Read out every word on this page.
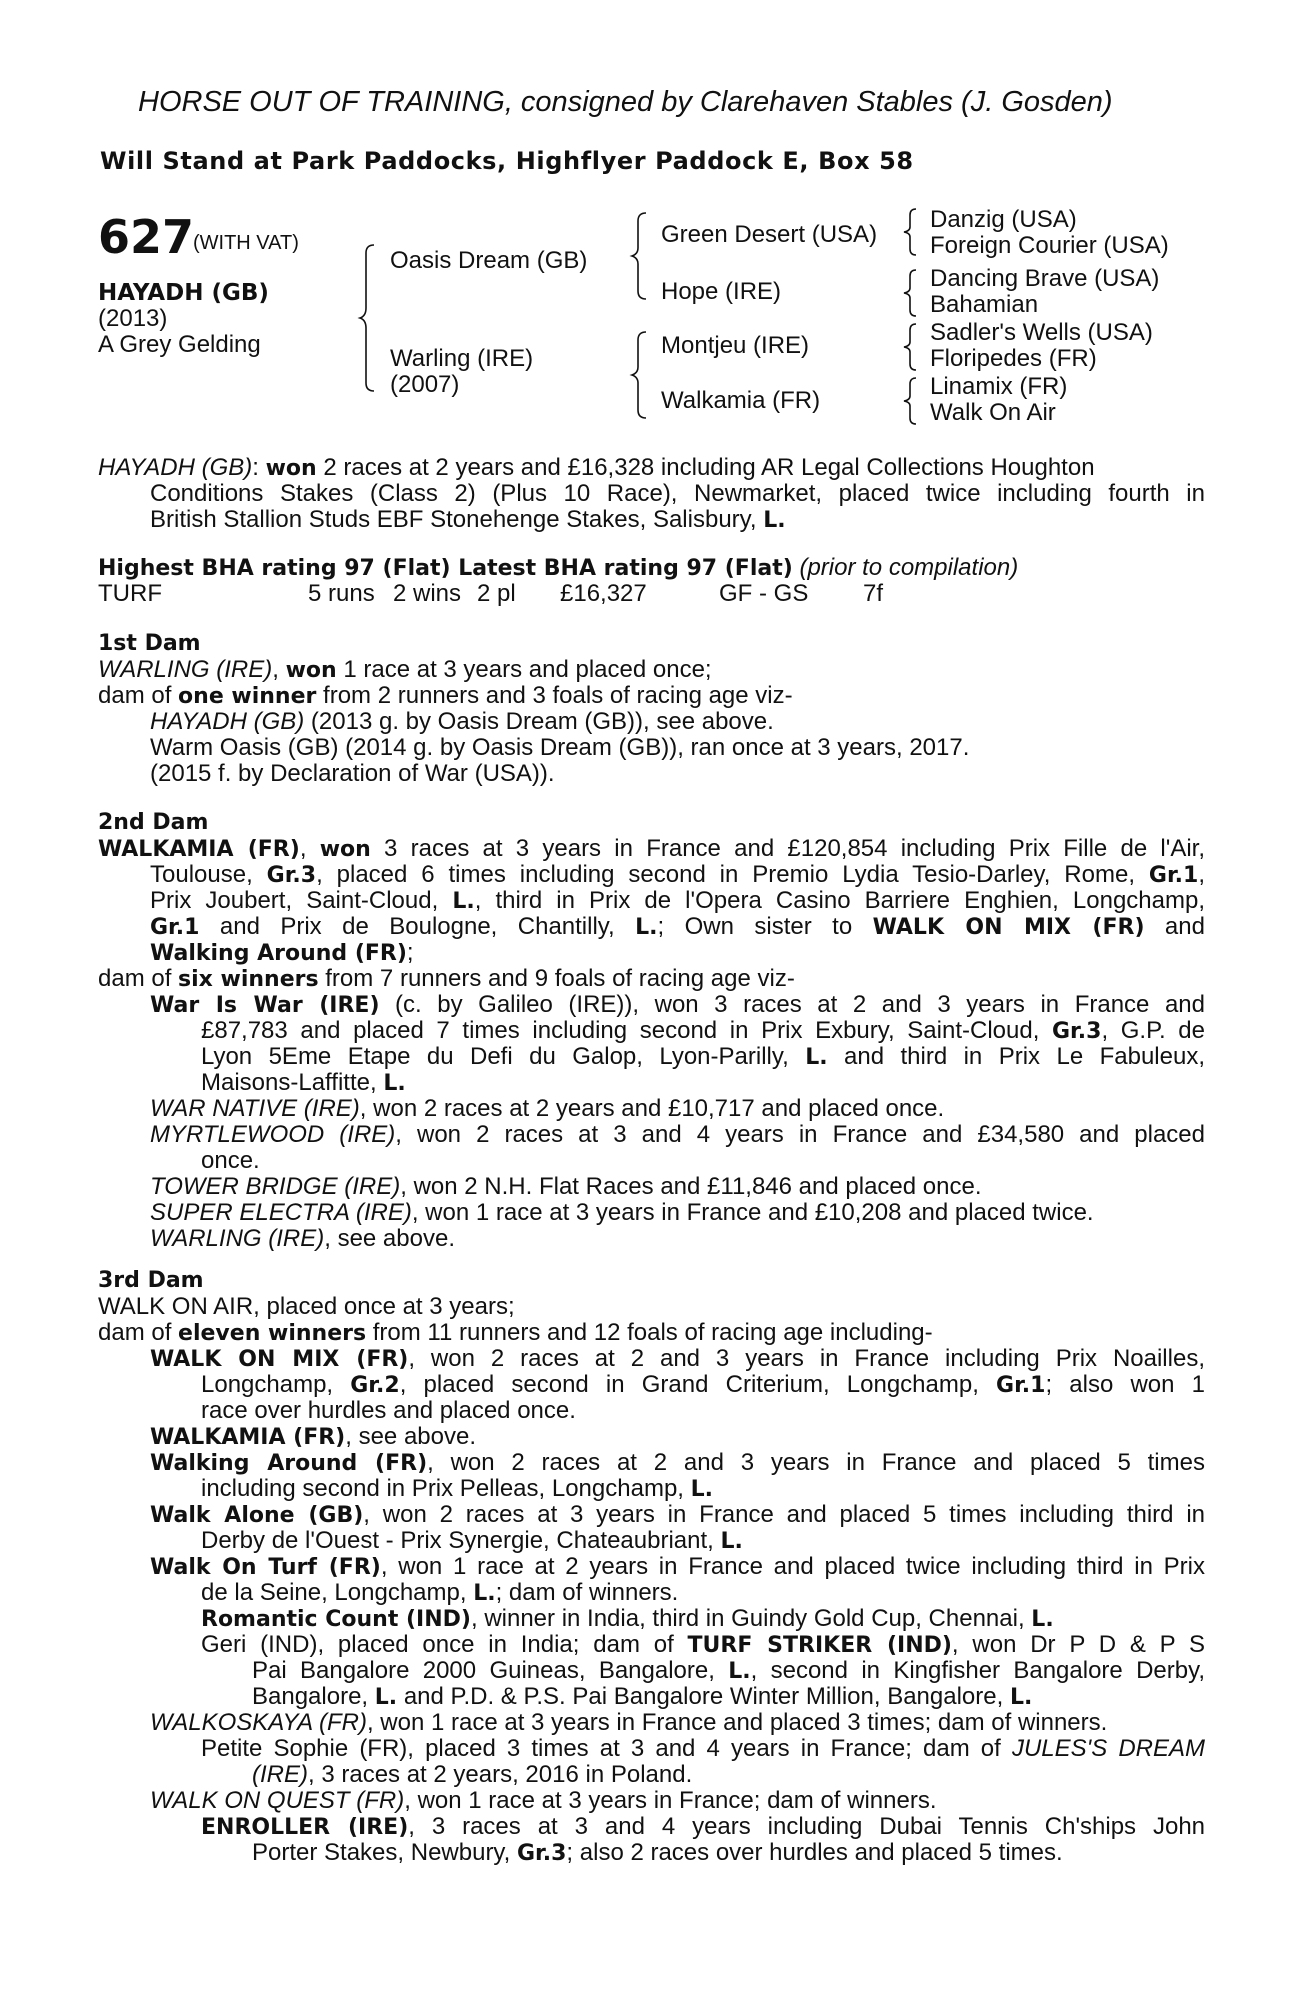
HORSE OUT OF TRAINING, consigned by Clarehaven Stables (J. Gosden)
Will Stand at Park Paddocks, Highflyer Paddock E, Box 58
627
(WITH VAT)
HAYADH (GB)
(2013)
A Grey Gelding
Oasis Dream (GB)
Warling (IRE)
(2007)
Green Desert (USA)
Hope (IRE)
Montjeu (IRE)
Walkamia (FR)
Danzig (USA)
Foreign Courier (USA)
Dancing Brave (USA)
Bahamian
Sadler's Wells (USA)
Floripedes (FR)
Linamix (FR)
Walk On Air
HAYADH (GB): won 2 races at 2 years and £16,328 including AR Legal Collections Houghton
Conditions Stakes (Class 2) (Plus 10 Race), Newmarket, placed twice including fourth in
British Stallion Studs EBF Stonehenge Stakes, Salisbury, L.
Highest BHA rating 97 (Flat) Latest BHA rating 97 (Flat) (prior to compilation)
TURF	5 runs 2 wins 2 pl £16,327	GF - GS 7f
1st Dam
WARLING (IRE), won 1 race at 3 years and placed once;
dam of one winner from 2 runners and 3 foals of racing age viz-
HAYADH (GB) (2013 g. by Oasis Dream (GB)), see above.
Warm Oasis (GB) (2014 g. by Oasis Dream (GB)), ran once at 3 years, 2017.
(2015 f. by Declaration of War (USA)).
2nd Dam
WALKAMIA (FR), won 3 races at 3 years in France and £120,854 including Prix Fille de l'Air,
Toulouse, Gr.3, placed 6 times including second in Premio Lydia Tesio-Darley, Rome, Gr.1,
Prix Joubert, Saint-Cloud, L., third in Prix de l'Opera Casino Barriere Enghien, Longchamp,
Gr.1 and Prix de Boulogne, Chantilly, L.; Own sister to WALK ON MIX (FR) and
Walking Around (FR);
dam of six winners from 7 runners and 9 foals of racing age viz-
War Is War (IRE) (c. by Galileo (IRE)), won 3 races at 2 and 3 years in France and
£87,783 and placed 7 times including second in Prix Exbury, Saint-Cloud, Gr.3, G.P. de
Lyon 5Eme Etape du Defi du Galop, Lyon-Parilly, L. and third in Prix Le Fabuleux,
Maisons-Laffitte, L.
WAR NATIVE (IRE), won 2 races at 2 years and £10,717 and placed once.
MYRTLEWOOD (IRE), won 2 races at 3 and 4 years in France and £34,580 and placed
once.
TOWER BRIDGE (IRE), won 2 N.H. Flat Races and £11,846 and placed once.
SUPER ELECTRA (IRE), won 1 race at 3 years in France and £10,208 and placed twice.
WARLING (IRE), see above.
3rd Dam
WALK ON AIR, placed once at 3 years;
dam of eleven winners from 11 runners and 12 foals of racing age including-
WALK ON MIX (FR), won 2 races at 2 and 3 years in France including Prix Noailles,
Longchamp, Gr.2, placed second in Grand Criterium, Longchamp, Gr.1; also won 1
race over hurdles and placed once.
WALKAMIA (FR), see above.
Walking Around (FR), won 2 races at 2 and 3 years in France and placed 5 times
including second in Prix Pelleas, Longchamp, L.
Walk Alone (GB), won 2 races at 3 years in France and placed 5 times including third in
Derby de l'Ouest - Prix Synergie, Chateaubriant, L.
Walk On Turf (FR), won 1 race at 2 years in France and placed twice including third in Prix
de la Seine, Longchamp, L.; dam of winners.
Romantic Count (IND), winner in India, third in Guindy Gold Cup, Chennai, L.
Geri (IND), placed once in India; dam of TURF STRIKER (IND), won Dr P D & P S
Pai Bangalore 2000 Guineas, Bangalore, L., second in Kingfisher Bangalore Derby,
Bangalore, L. and P.D. & P.S. Pai Bangalore Winter Million, Bangalore, L.
WALKOSKAYA (FR), won 1 race at 3 years in France and placed 3 times; dam of winners.
Petite Sophie (FR), placed 3 times at 3 and 4 years in France; dam of JULES'S DREAM
(IRE), 3 races at 2 years, 2016 in Poland.
WALK ON QUEST (FR), won 1 race at 3 years in France; dam of winners.
ENROLLER (IRE), 3 races at 3 and 4 years including Dubai Tennis Ch'ships John
Porter Stakes, Newbury, Gr.3; also 2 races over hurdles and placed 5 times.
